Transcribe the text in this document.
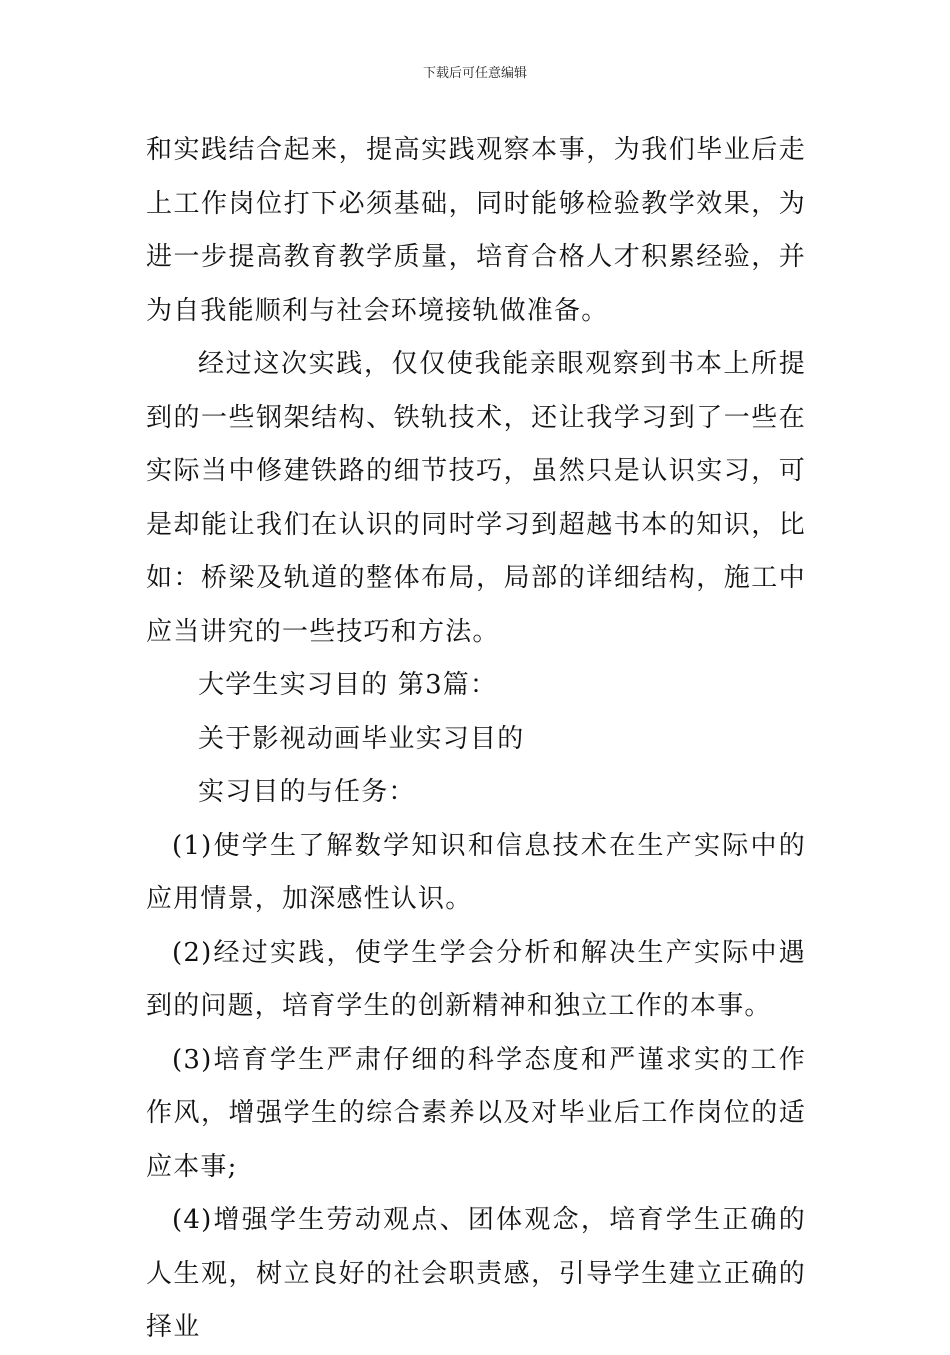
下载后可任意编辑

和实践结合起来，提高实践观察本事，为我们毕业后走上工作岗位打下必须基础，同时能够检验教学效果，为进一步提高教育教学质量，培育合格人才积累经验，并为自我能顺利与社会环境接轨做准备。

经过这次实践，仅仅使我能亲眼观察到书本上所提到的一些钢架结构、铁轨技术，还让我学习到了一些在实际当中修建铁路的细节技巧，虽然只是认识实习，可是却能让我们在认识的同时学习到超越书本的知识，比如：桥梁及轨道的整体布局，局部的详细结构，施工中应当讲究的一些技巧和方法。

大学生实习目的 第3篇：

关于影视动画毕业实习目的

实习目的与任务：

(1)使学生了解数学知识和信息技术在生产实际中的应用情景，加深感性认识。

(2)经过实践，使学生学会分析和解决生产实际中遇到的问题，培育学生的创新精神和独立工作的本事。

(3)培育学生严肃仔细的科学态度和严谨求实的工作作风，增强学生的综合素养以及对毕业后工作岗位的适应本事;

(4)增强学生劳动观点、团体观念，培育学生正确的人生观，树立良好的社会职责感，引导学生建立正确的择业
